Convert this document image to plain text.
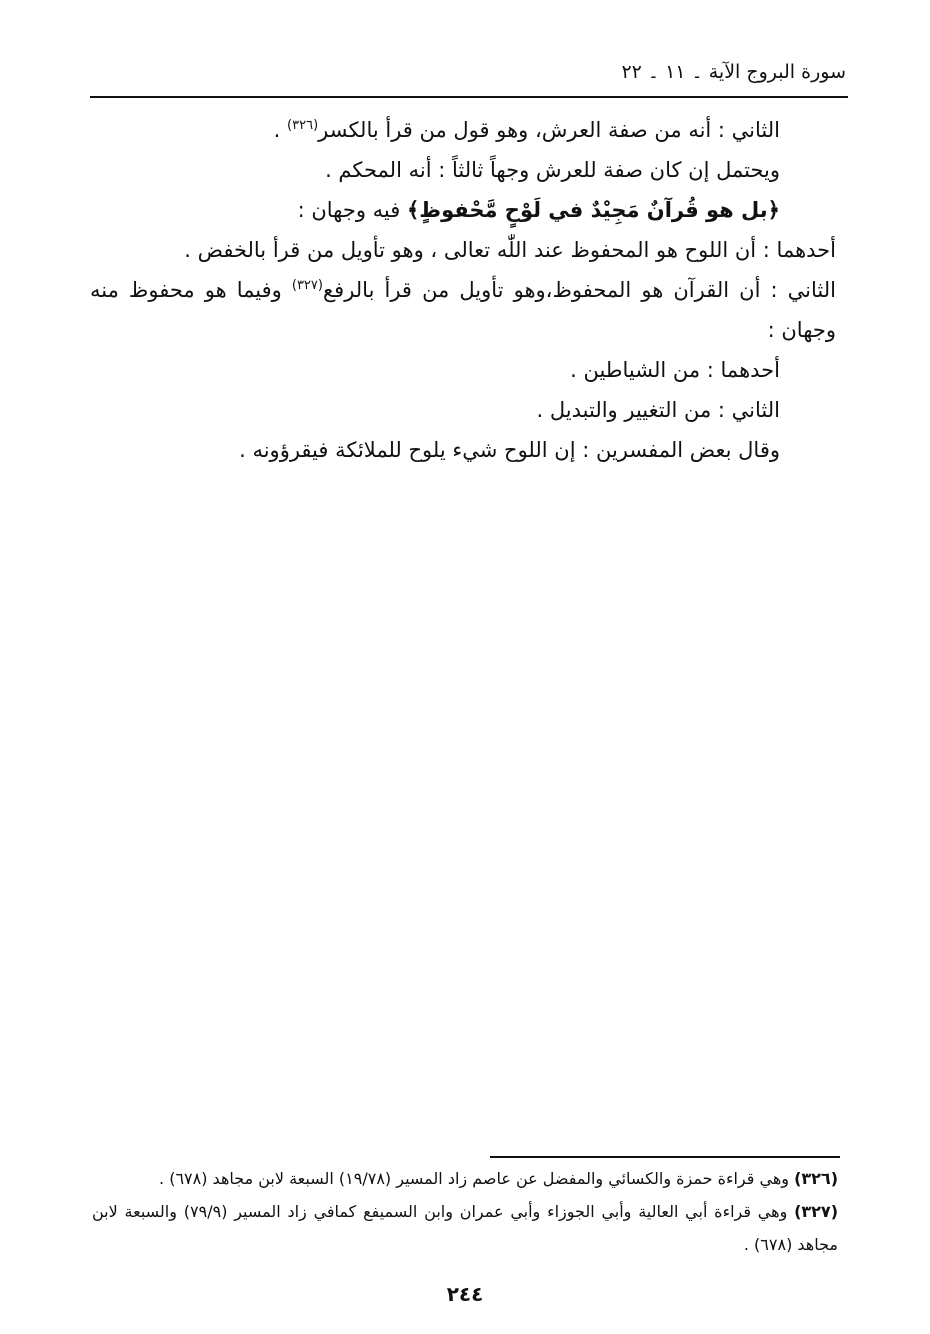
سورة البروج الآية ۔ ۱۱ ۔ ۲۲

الثاني : أنه من صفة العرش، وهو قول من قرأ بالكسر$^{(٣٢٦)}$ .

ويحتمل إن كان صفة للعرش وجهاً ثالثاً : أنه المحكم .

﴿بل هو قُرآنٌ مَجِيْدٌ في لَوْحٍ مَّحْفوظٍ﴾ فيه وجهان :

أحدهما : أن اللوح هو المحفوظ عند اللّٰه تعالى ، وهو تأويل من قرأ بالخفض .

الثاني : أن القرآن هو المحفوظ،وهو تأويل من قرأ بالرفع$^{(٣٢٧)}$ وفيما هو محفوظ منه وجهان :

أحدهما : من الشياطين .

الثاني : من التغيير والتبديل .

وقال بعض المفسرين : إن اللوح شيء يلوح للملائكة فيقرؤونه .

(٣٢٦) وهي قراءة حمزة والكسائي والمفضل عن عاصم زاد المسير (١٩/٧٨) السبعة لابن مجاهد (٦٧٨) .

(٣٢٧) وهي قراءة أبي العالية وأبي الجوزاء وأبي عمران وابن السميفع كمافي زاد المسير (٧٩/٩) والسبعة لابن مجاهد (٦٧٨) .

٢٤٤
